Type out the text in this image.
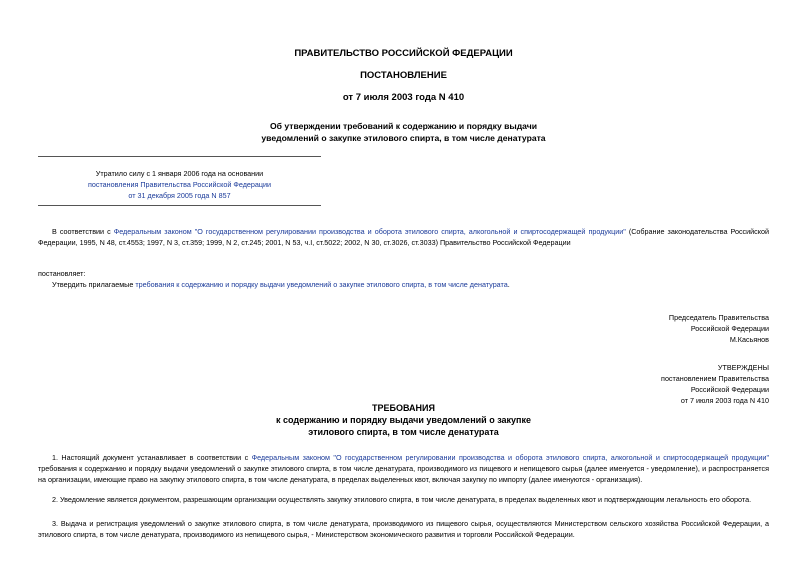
ПРАВИТЕЛЬСТВО РОССИЙСКОЙ ФЕДЕРАЦИИ
ПОСТАНОВЛЕНИЕ
от 7 июля 2003 года N 410
Об утверждении требований к содержанию и порядку выдачи
уведомлений о закупке этилового спирта, в том числе денатурата
Утратило силу с 1 января 2006 года на основании
постановления Правительства Российской Федерации
от 31 декабря 2005 года N 857
В соответствии с Федеральным законом "О государственном регулировании производства и оборота этилового спирта, алкогольной и спиртосодержащей продукции" (Собрание законодательства Российской Федерации, 1995, N 48, ст.4553; 1997, N 3, ст.359; 1999, N 2, ст.245; 2001, N 53, ч.I, ст.5022; 2002, N 30, ст.3026, ст.3033) Правительство Российской Федерации
постановляет:
Утвердить прилагаемые требования к содержанию и порядку выдачи уведомлений о закупке этилового спирта, в том числе денатурата.
Председатель Правительства
Российской Федерации
М.Касьянов
УТВЕРЖДЕНЫ
постановлением Правительства
Российской Федерации
от 7 июля 2003 года N 410
ТРЕБОВАНИЯ
к содержанию и порядку выдачи уведомлений о закупке
этилового спирта, в том числе денатурата
1. Настоящий документ устанавливает в соответствии с Федеральным законом "О государственном регулировании производства и оборота этилового спирта, алкогольной и спиртосодержащей продукции" требования к содержанию и порядку выдачи уведомлений о закупке этилового спирта, в том числе денатурата, производимого из пищевого и непищевого сырья (далее именуется - уведомление), и распространяется на организации, имеющие право на закупку этилового спирта, в том числе денатурата, в пределах выделенных квот, включая закупку по импорту (далее именуются - организация).
2. Уведомление является документом, разрешающим организации осуществлять закупку этилового спирта, в том числе денатурата, в пределах выделенных квот и подтверждающим легальность его оборота.
3. Выдача и регистрация уведомлений о закупке этилового спирта, в том числе денатурата, производимого из пищевого сырья, осуществляются Министерством сельского хозяйства Российской Федерации, а этилового спирта, в том числе денатурата, производимого из непищевого сырья, - Министерством экономического развития и торговли Российской Федерации.
